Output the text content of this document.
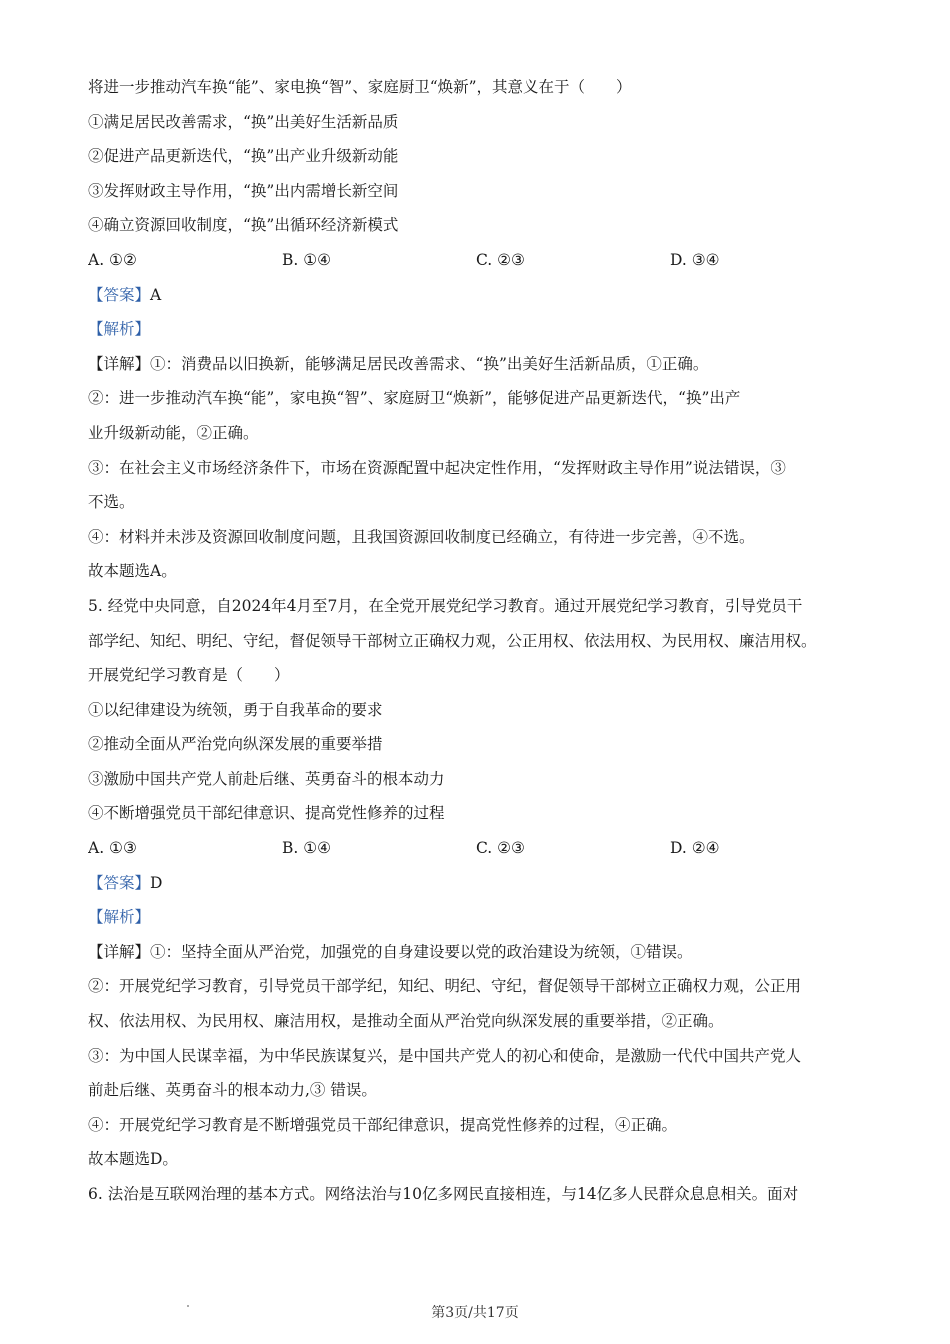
将进一步推动汽车换“能”、家电换“智”、家庭厨卫“焕新”，其意义在于（　　）
①满足居民改善需求，“换”出美好生活新品质
②促进产品更新迭代，“换”出产业升级新动能
③发挥财政主导作用，“换”出内需增长新空间
④确立资源回收制度，“换”出循环经济新模式
A. ①②	B. ①④	C. ②③	D. ③④
【答案】A
【解析】
【详解】①：消费品以旧换新，能够满足居民改善需求、“换”出美好生活新品质，①正确。
②：进一步推动汽车换“能”，家电换“智”、家庭厨卫“焕新”，能够促进产品更新迭代，“换”出产
业升级新动能，②正确。
③：在社会主义市场经济条件下，市场在资源配置中起决定性作用，“发挥财政主导作用”说法错误，③
不选。
④：材料并未涉及资源回收制度问题，且我国资源回收制度已经确立，有待进一步完善，④不选。
故本题选A。
5. 经党中央同意，自2024年4月至7月，在全党开展党纪学习教育。通过开展党纪学习教育，引导党员干
部学纪、知纪、明纪、守纪，督促领导干部树立正确权力观，公正用权、依法用权、为民用权、廉洁用权。
开展党纪学习教育是（　　）
①以纪律建设为统领，勇于自我革命的要求
②推动全面从严治党向纵深发展的重要举措
③激励中国共产党人前赴后继、英勇奋斗的根本动力
④不断增强党员干部纪律意识、提高党性修养的过程
A. ①③	B. ①④	C. ②③	D. ②④
【答案】D
【解析】
【详解】①：坚持全面从严治党，加强党的自身建设要以党的政治建设为统领，①错误。
②：开展党纪学习教育，引导党员干部学纪，知纪、明纪、守纪，督促领导干部树立正确权力观，公正用
权、依法用权、为民用权、廉洁用权，是推动全面从严治党向纵深发展的重要举措，②正确。
③：为中国人民谋幸福，为中华民族谋复兴，是中国共产党人的初心和使命，是激励一代代中国共产党人
前赴后继、英勇奋斗的根本动力,③ 错误。
④：开展党纪学习教育是不断增强党员干部纪律意识，提高党性修养的过程，④正确。
故本题选D。
6. 法治是互联网治理的基本方式。网络法治与10亿多网民直接相连，与14亿多人民群众息息相关。面对
第3页/共17页
